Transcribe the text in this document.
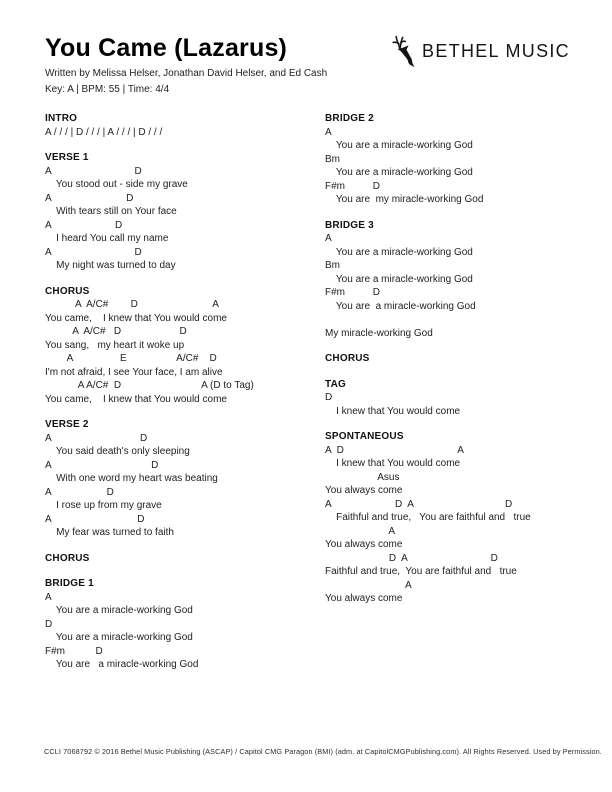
You Came (Lazarus)
Written by Melissa Helser, Jonathan David Helser, and Ed Cash
Key: A | BPM: 55 | Time: 4/4
BETHEL MUSIC
INTRO
A / / / | D / / / | A / / / | D / / /
VERSE 1
A                              D
You stood out - side my grave
A                           D
With tears still on Your face
A                       D
I heard You call my name
A                              D
My night was turned to day
CHORUS
A  A/C#        D                           A
You came,    I knew that You would come
A  A/C#   D                     D
You sang,   my heart it woke up
A                 E                  A/C#    D
I'm not afraid, I see Your face, I am alive
A A/C#  D                             A (D to Tag)
You came,    I knew that You would come
VERSE 2
A                                D
You said death's only sleeping
A                                    D
With one word my heart was beating
A                    D
I rose up from my grave
A                               D
My fear was turned to faith
CHORUS
BRIDGE 1
A
You are a miracle-working God
D
You are a miracle-working God
F#m           D
You are   a miracle-working God
BRIDGE 2
A
You are a miracle-working God
Bm
You are a miracle-working God
F#m          D
You are  my miracle-working God
BRIDGE 3
A
You are a miracle-working God
Bm
You are a miracle-working God
F#m          D
You are  a miracle-working God

My miracle-working God
CHORUS
TAG
D
I knew that You would come
SPONTANEOUS
A  D                                         A
I knew that You would come
Asus
You always come
A                       D  A                                 D
Faithful and true,   You are faithful and   true
A
You always come
D  A                              D
Faithful and true,  You are faithful and   true
A
You always come
CCLI 7068792 © 2016 Bethel Music Publishing (ASCAP) / Capitol CMG Paragon (BMI) (adm. at CapitolCMGPublishing.com). All Rights Reserved. Used by Permission.
